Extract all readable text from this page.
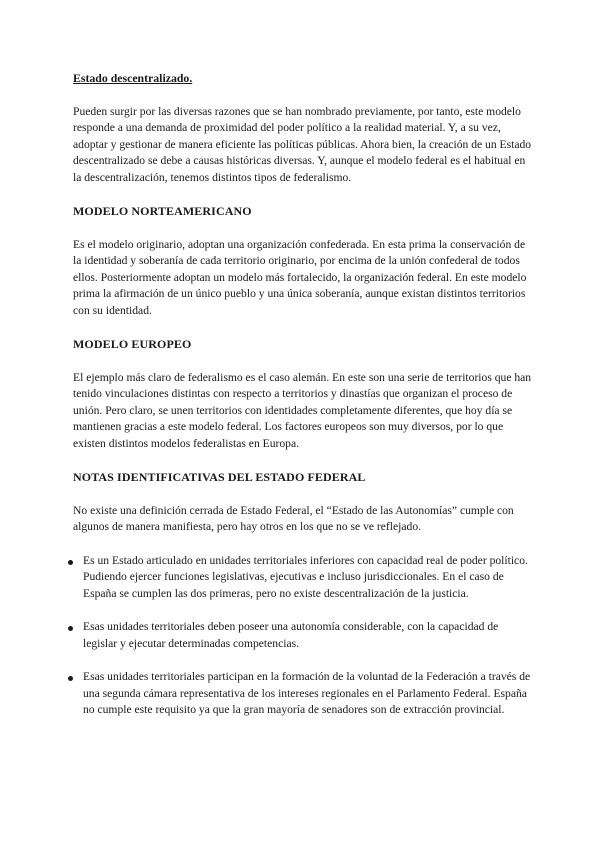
Estado descentralizado.

Pueden surgir por las diversas razones que se han nombrado previamente, por tanto, este modelo responde a una demanda de proximidad del poder político a la realidad material. Y, a su vez, adoptar y gestionar de manera eficiente las políticas públicas. Ahora bien, la creación de un Estado descentralizado se debe a causas históricas diversas. Y, aunque el modelo federal es el habitual en la descentralización, tenemos distintos tipos de federalismo.

MODELO NORTEAMERICANO

Es el modelo originario, adoptan una organización confederada. En esta prima la conservación de la identidad y soberanía de cada territorio originario, por encima de la unión confederal de todos ellos. Posteriormente adoptan un modelo más fortalecido, la organización federal. En este modelo prima la afirmación de un único pueblo y una única soberanía, aunque existan distintos territorios con su identidad.

MODELO EUROPEO

El ejemplo más claro de federalismo es el caso alemán. En este son una serie de territorios que han tenido vinculaciones distintas con respecto a territorios y dinastías que organizan el proceso de unión. Pero claro, se unen territorios con identidades completamente diferentes, que hoy día se mantienen gracias a este modelo federal. Los factores europeos son muy diversos, por lo que existen distintos modelos federalistas en Europa.

NOTAS IDENTIFICATIVAS DEL ESTADO FEDERAL

No existe una definición cerrada de Estado Federal, el “Estado de las Autonomías” cumple con algunos de manera manifiesta, pero hay otros en los que no se ve reflejado.

Es un Estado articulado en unidades territoriales inferiores con capacidad real de poder político. Pudiendo ejercer funciones legislativas, ejecutivas e incluso jurisdiccionales. En el caso de España se cumplen las dos primeras, pero no existe descentralización de la justicia.
Esas unidades territoriales deben poseer una autonomía considerable, con la capacidad de legislar y ejecutar determinadas competencias.
Esas unidades territoriales participan en la formación de la voluntad de la Federación a través de una segunda cámara representativa de los intereses regionales en el Parlamento Federal. España no cumple este requisito ya que la gran mayoría de senadores son de extracción provincial.
